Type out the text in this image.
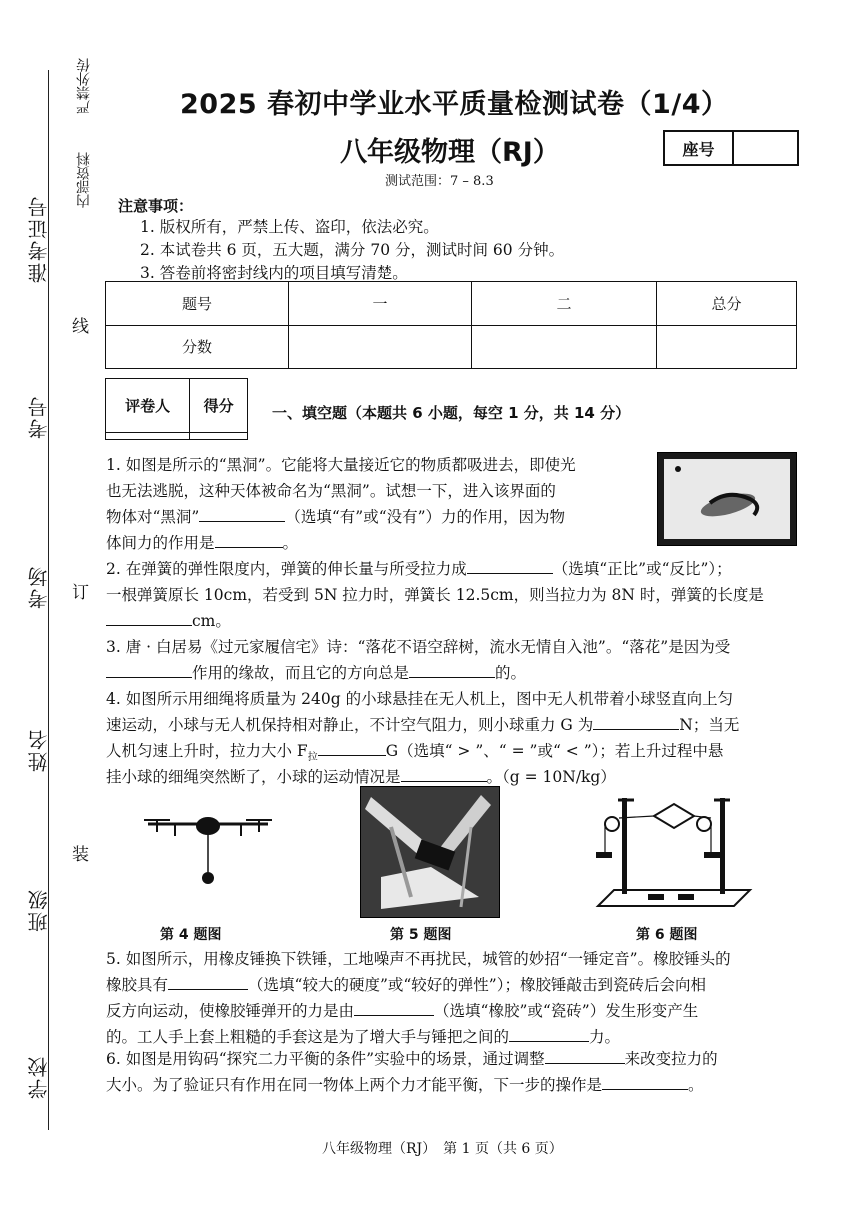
严禁外传
内部资料
准考证号
考号
考场
姓名
班级
学校
线
订
装
2025 春初中学业水平质量检测试卷（1/4）
八年级物理（RJ）	座号
测试范围：7 – 8.3
注意事项：
1. 版权所有，严禁上传、盗印，依法必究。
2. 本试卷共 6 页，五大题，满分 70 分，测试时间 60 分钟。
3. 答卷前将密封线内的项目填写清楚。
题号	一	二	总分
分数			
评卷人	得分
		一、填空题（本题共 6 小题，每空 1 分，共 14 分）
1. 如图是所示的“黑洞”。它能将大量接近它的物质都吸进去，即使光
也无法逃脱，这种天体被命名为“黑洞”。试想一下，进入该界面的
物体对“黑洞”	（选填“有”或“没有”）力的作用，因为物
体间力的作用是	。
2. 在弹簧的弹性限度内，弹簧的伸长量与所受拉力成	（选填“正比”或“反比”）；
一根弹簧原长 10cm，若受到 5N 拉力时，弹簧长 12.5cm，则当拉力为 8N 时，弹簧的长度是
cm。
3. 唐 · 白居易《过元家履信宅》诗：“落花不语空辞树，流水无情自入池”。“落花”是因为受
作用的缘故，而且它的方向总是	的。
4. 如图所示用细绳将质量为 240g 的小球悬挂在无人机上，图中无人机带着小球竖直向上匀
速运动，小球与无人机保持相对静止，不计空气阻力，则小球重力 G 为	N；当无
人机匀速上升时，拉力大小 $F_拉$	G（选填“ > ”、“ = ”或“ < ”）；若上升过程中悬
挂小球的细绳突然断了，小球的运动情况是	。（g = 10N/kg）
第 4 题图	第 5 题图	第 6 题图
5. 如图所示，用橡皮锤换下铁锤，工地噪声不再扰民，城管的妙招“一锤定音”。橡胶锤头的
橡胶具有	（选填“较大的硬度”或“较好的弹性”）；橡胶锤敲击到瓷砖后会向相
反方向运动，使橡胶锤弹开的力是由	（选填“橡胶”或“瓷砖”）发生形变产生
的。工人手上套上粗糙的手套这是为了增大手与锤把之间的	力。
6. 如图是用钩码“探究二力平衡的条件”实验中的场景，通过调整	来改变拉力的
大小。为了验证只有作用在同一物体上两个力才能平衡，下一步的操作是	。
八年级物理（RJ）　第 1 页（共 6 页）
